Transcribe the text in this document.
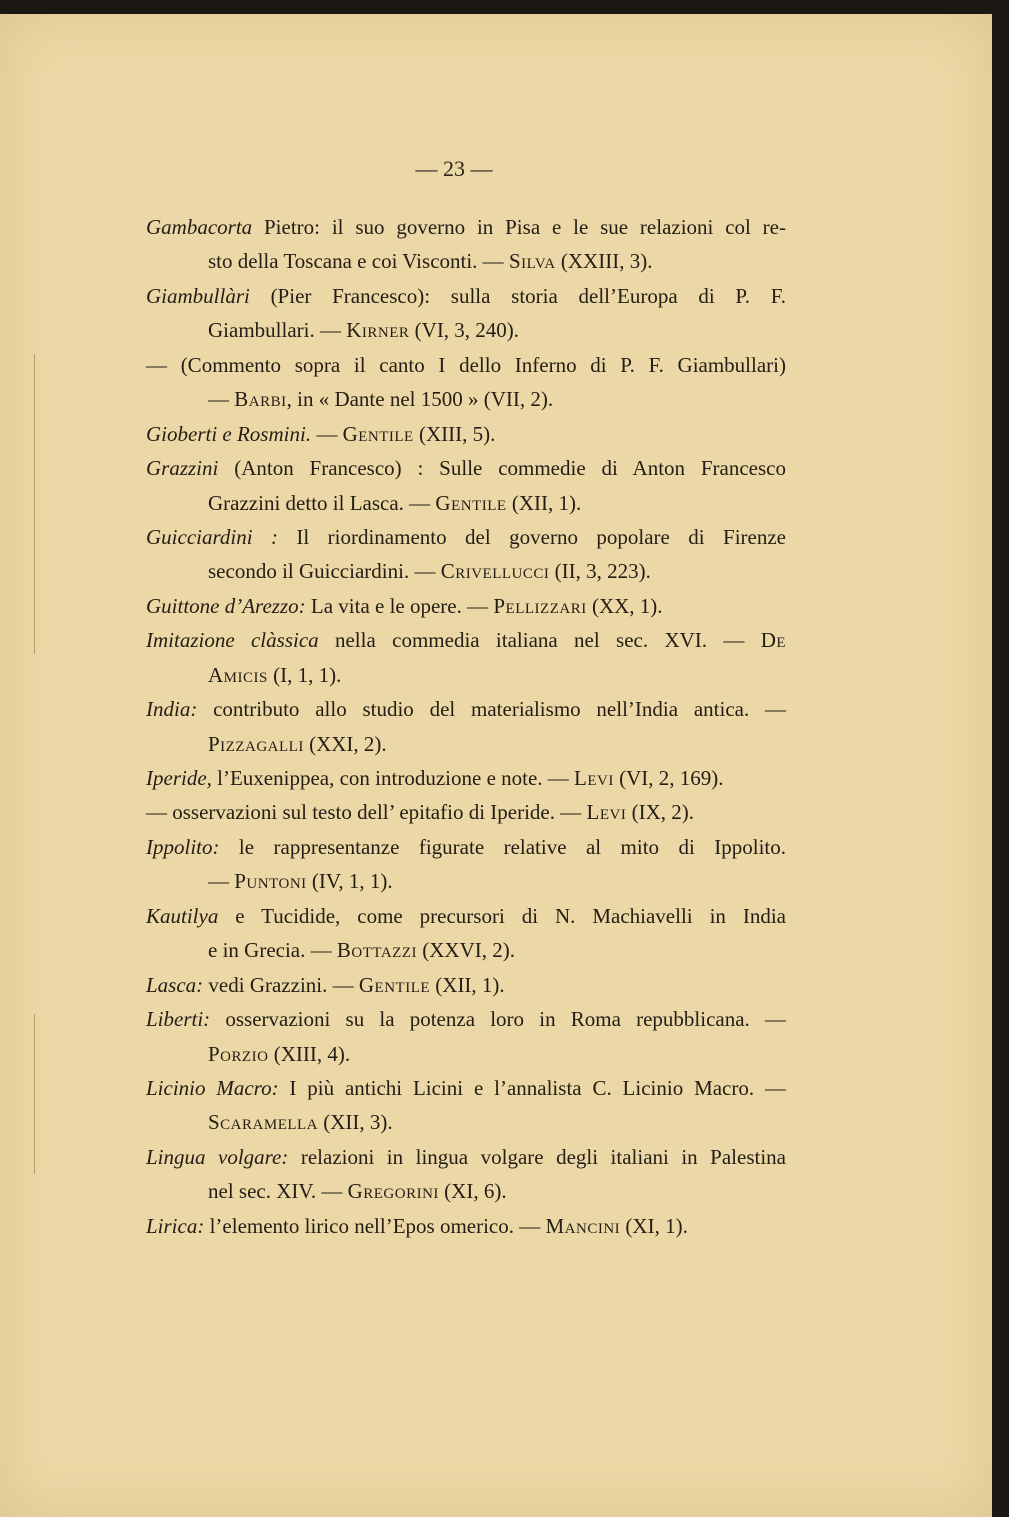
— 23 —
Gambacorta Pietro: il suo governo in Pisa e le sue relazioni col re-
sto della Toscana e coi Visconti. — Silva (XXIII, 3).
Giambullàri (Pier Francesco): sulla storia dell’Europa di P. F.
Giambullari. — Kirner (VI, 3, 240).
— (Commento sopra il canto I dello Inferno di P. F. Giambullari)
— Barbi, in « Dante nel 1500 » (VII, 2).
Gioberti e Rosmini. — Gentile (XIII, 5).
Grazzini (Anton Francesco) : Sulle commedie di Anton Francesco
Grazzini detto il Lasca. — Gentile (XII, 1).
Guicciardini : Il riordinamento del governo popolare di Firenze
secondo il Guicciardini. — Crivellucci (II, 3, 223).
Guittone d’Arezzo: La vita e le opere. — Pellizzari (XX, 1).
Imitazione clàssica nella commedia italiana nel sec. XVI. — De
Amicis (I, 1, 1).
India: contributo allo studio del materialismo nell’India antica. —
Pizzagalli (XXI, 2).
Iperide, l’Euxenippea, con introduzione e note. — Levi (VI, 2, 169).
— osservazioni sul testo dell’ epitafio di Iperide. — Levi (IX, 2).
Ippolito: le rappresentanze figurate relative al mito di Ippolito.
— Puntoni (IV, 1, 1).
Kautilya e Tucidide, come precursori di N. Machiavelli in India
e in Grecia. — Bottazzi (XXVI, 2).
Lasca: vedi Grazzini. — Gentile (XII, 1).
Liberti: osservazioni su la potenza loro in Roma repubblicana. —
Porzio (XIII, 4).
Licinio Macro: I più antichi Licini e l’annalista C. Licinio Macro. —
Scaramella (XII, 3).
Lingua volgare: relazioni in lingua volgare degli italiani in Palestina
nel sec. XIV. — Gregorini (XI, 6).
Lirica: l’elemento lirico nell’Epos omerico. — Mancini (XI, 1).
